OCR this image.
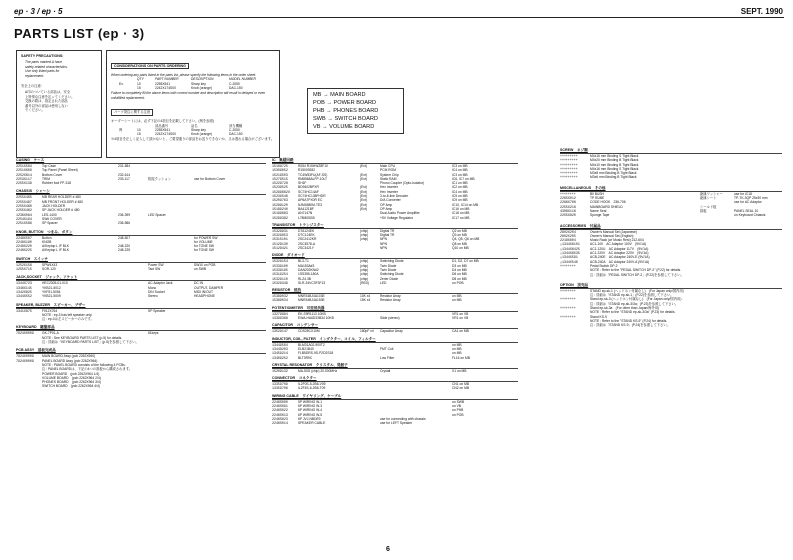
ep · 3 / ep · 5	SEPT. 1990
PARTS LIST (ep · 3)
SAFETY PRECAUTIONS:
The parts marked Δ have
safety-related characteristics.
Use only listed parts for
replacement.
安全上の注意：
Δ印のついている部品は、安全
上特別な注意を払ってください。
交換の際は、指定された部品
番号以外の部品は使用しない
でください。
CONSIDERATIONS ON PARTS ORDERING
When ordering any parts listed in the parts list, please specify the following items in the order sheet.
QTY	PART NUMBER	DESCRIPTION	MODEL NUMBER
Ex.	10	2255X541	Sharp key	C-2050
15	2242X174S00	Knob (orange)	DAC-150
Failure to completely fill the above items with correct number and description will result in delayed or even unfulfilled replacement.
パーツ発注に関する注意
オーダーシートには、必ず下記の4項目を記載して下さい。(例を参照)
部品番号	品名	該当機種
例	10	2255X541	Sharp key	C-2050
15	2242X174S00	Knob (orange)	DAC-150
※4項目を正しく記入して頂かないと、ご要望通りの部品をお送りできないか、又は遅れる場合がございます。
MB → MAIN BOARD
POB → POWER BOARD
PHB → PHONES BOARD
SWB → SWITCH BOARD
VB → VOLUME BOARD
CASING　ケース
2251X584	Top Case	231-584
2251X609	Top Panel (Panel Sheet)
2252X614	Bottom Cover	232-614
2253X117	TRIM	233-117	防振クッション	use for Bottom Cover
2255X139	Rubber foot FP-318
CHASSIS　シャーシ
2255X465	MB REAR HOLDER # 480
2255X487	MB FRONT HOLDER # 480
2255X460	JACK HOLDER
2255X462	SP JACK HOLDER # 480
1236X084	LES-1400	236-399	LED Spacer
2254X194	SW# COVER
2251X586	SP Spacer	236-586
KNOB, BUTTON　つまみ、ボタン
2248X507	Button	248-507	for POWER SW
2248X190	KNOB	for VOLUME
2248X220	A/Keytop L IF BLK	248-220	for TONE SW
2248X225	A/Keytop L IF BLK	248-225	for TONE SW
SWITCH　スイッチ
1252X156	SPW4X43	Power SW	SW10 on POB
1255X715	SOR-120	Tact SW	on SWB
JACK,SOCKET　ジャック、ソケット
1344X723	HEC2305-01-010	AC Adaptor Jack	DC IN
1346X145	YKB21-5012	Mono	OUTPUT, DAMPER
1342X825	YKF51-5054	DIN Socket	MIDI IN/OUT
1344X552	YKB21-5009	Stereo	HEADPHONE
SPEAKER, BUZZER　スピーカー、ブザー
1341X875	F012X764	SP Speaker
NOTE : ep-3 has left speaker only.
注 : ep-3は左スピーカーのみです。
KEYBOARD　鍵盤部品
7924X0009	GK-7P01-A	61keys
NOTE : See KEYBOARD PARTS LIST (p.5) for details.
注 : 詳細は「KEYBOARD PARTS LIST」(p.5)を参照して下さい。
PCB ASSY　基板完成品
7924X0009	MAIN BOARD Assy (pcb 2262X960)
7924X0009	PANEL BOARD Assy (pcb 2262X964)
NOTE : PANEL BOARD consists of the following 4 PCBs.
注 : PANEL BOARDは、下記の4つの基板から構成されます。
POWER BOARD　(pcb 2262X964 1/4)
VOLUME BOARD　(pcb 2262X964 2/4)
PHONES BOARD　(pcb 2262X964 3/4)
SWITCH BOARD　(pcb 2262X964 4/4)
IC　集積回路
15169725	R054 R15HWZ8F10	(Ext)	Main CPU	IC3 on MB
15309052	R15009282	PCM ROM	IC4 on MB
15219503	TC4W53FU(AF-SS)	(Ext)	System Chip	IC3 on MB
15279515	RM8568ALFP-10LT	(Ext)	Static RAM	IC6, IC7 on MB
15229728	SH1F	Phono Coupler (Opto-Isolator)	IC1 on MB
15239525	BD9402BPXR	(Ext)	Hex Inverter	IC2 on MB
15299662U	SC74HC14AF	(Ext)	Hex Inverter	IC4 on MB
15239546	SC74HC138FHDR	(Ext)	3-to-8-line Decoder	IC5 on MB
15209763	AP6A7PX0R EC	(Ext)	D/A Converter	IC9 on MB
15289120	NJM4580M-TE3	(Ext)	OP Amp	IC10, IC14 on MB
15189240	BA4121BF	(Ext)	OP Amp	IC16 on MB
15199683	AN7147N	Dual Audio Power Amplifier	IC18 on MB
15299382	L78M05GB	+5V Voltage Regulator	IC17 on MB
TRANSISTOR　トランジスター
15329931	DTA124EK	(chip)	Digital TR	Q2 on MB
15329953	DTC124EK	(chip)	Digital TR	Q3 on MB
15315101	2SC2412KR	(chip)	NPN	Q4, Q5, Q6 on MB
15129130	2SC3578-A	NPN	Q8 on MB
15129421	2SC3421Y	NPN	Q10 on MB
DIODE　ダイオード
15329154	BL3-T1	(chip)	Switching Diode	D1, D2, D7 on MB
15339100	MA153A#3	(chip)	Twin Diode	D3 on MB
15339195	DAN202KN#2	(chip)	Twin Diode	D4 on MB
15319254	1SS355-180A	(chip)	Switching Diode	D6 on MB
15329110	RLZ4.3B	(chip)	Zener Diode	D8 on MB
15329349	SLR-34VC3F3F13	(RED)	LED	on POB
RESISTOR　抵抗
15389032	MNR34BJ4A103E	10K x4	Resistor Array	on MB
15389034	MNR34BJ4A153E	15K x4	Resistor Array	on MB
POTENTIOMETER　可変抵抗器
13279894	EK-S9R1113 10KB	VR1 on VB
13399368	EWA-HA6D33B34 10KB	Slide (stereo)	VR1 on VB
CAPACITOR　コンデンサー
13529147	CDS28CX10M	180pF x4	Capacitor Array	CA1 on MB
INDUCTOR, COIL, FILTER　インダクター、コイル、フィルター
13449564	BLM31A02-900T2	on MB
13449203	ELB21B40	FMT Coil	on MB
13459214	FLB5DRS-9S-P2D2S18	on MB
13409252	BLT3R9C	Low Filter	FL16 on MB
CRYSTAL RESONATOR　クリスタル、発振子
15209132	MA-50G (chip) 20.000MHz	Crystal	X1 on MB
CONNECTOR　コネクター
13359709	IL2F0S-5-2B6-V09	CN1 on MB
13359706	IL2F4S-6-2B6-T09	CN2 on MB
WIRING CABLE　ワイヤリング、ケーブル
2246S000	5P WIRING W-1	on SWB
2246S091	6P WIRING W-3	on VB
2246S022	6P WIRING W-4	on PHB
2246S013	6P WIRING W-5	on POB
2246S623	6P JVJ-NBDE9	use for connecting with chassis
2246S014	SPEAKER CABLE	use for LEFT Speaker
SCREW　ネジ類
+++++++++	M4x16 mm Binding S Tight Black
+++++++++	M4x20 mm Binding B Tight Black
+++++++++	M4x10 mm Binding B Tight Black
+++++++++	M4x16 mm Binding S Tight Black
+++++++++	M3x8 mm Binding B Tight Black
+++++++++	M3x6 mm Binding B Tight Black
MISCELLANEOUS　その他
++++++++	BIl BUSH	絶縁ワッシャー	use for IC18
2265X012	TP RUBE	絶縁シート	TP-TK-3QP 25x30 mm
2266X706	CODE HOOK　236-706	use for AC Adaptor
2255X216	MAINBOARD SHIELD	シールド板
4308X116	Name Seal	銘板	PANEL SEAL 10
2255X820	Sponge Tape	on Keyboard Chassis
ACCESSORIES　付属品
2802X204	Owner's Manual Set (Japanese)
2802X205	Owner's Manual Set (English)
2218X604	Music Rack (w/ Music Rest) 212-604
△1344X6101	AC1-100　AC Adaptor 100V　(9V/1A)
△1344X6425	AC1-120U　AC Adaptor 117V　(9V/1A)
△1344X6535	AC1-220V　AC Adaptor 220V　(9V/1A)
△1344X591	ACB-240E　AC Adaptor 240V-E (9V/1A)
△1344X540	ACB-240A　AC Adaptor 240V-A (9V/1A)
++++++++	Pedal Switch DP-2
NOTE : Refer to the "PEDAL SWITCH DP-2" (P.22) for details.
注 : 詳細は「PEDAL SWITCH DP-2」(P.22)を参照して下さい。
OPTION　別売品
++++++++	STAND ep-sk-1 (ヘッドホン付属なし)　(For Japan only/国内用)
注 : 詳細は「STAND ep-sk-1」(P.22)を参照して下さい。
++++++++	Stand ep-sk-3 (ヘッドホン付属なし)　(For Japan only/国内用)
注 : 詳細は「STAND ep-sk-3/3a」(P.23)を参照して下さい。
++++++++	Stand ep-sk-3a　(For other than Japan/海外用)
NOTE : Refer to the "STAND ep-sk-3/3a" (P.23) for details.
++++++++	Stand KS-9
NOTE : Refer to the "STAND KS-9" (P.24) for details.
注 : 詳細は「STAND KS-9」(P.24)を参照して下さい。
6
